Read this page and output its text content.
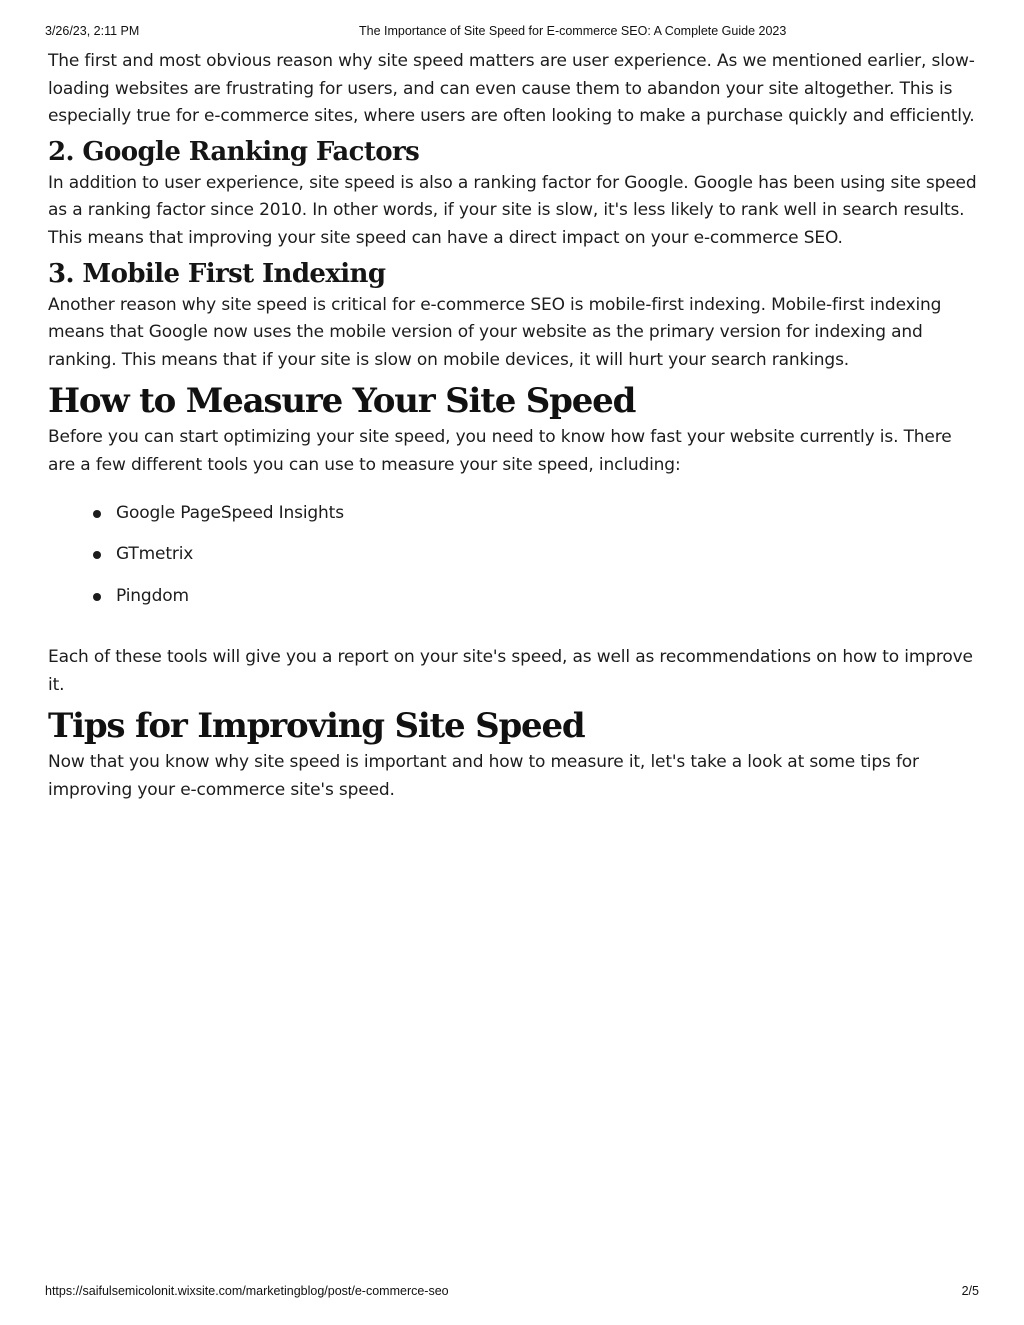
3/26/23, 2:11 PM	The Importance of Site Speed for E-commerce SEO: A Complete Guide 2023

The first and most obvious reason why site speed matters are user experience. As we mentioned earlier, slow-loading websites are frustrating for users, and can even cause them to abandon your site altogether. This is especially true for e-commerce sites, where users are often looking to make a purchase quickly and efficiently.

2. Google Ranking Factors

In addition to user experience, site speed is also a ranking factor for Google. Google has been using site speed as a ranking factor since 2010. In other words, if your site is slow, it's less likely to rank well in search results. This means that improving your site speed can have a direct impact on your e-commerce SEO.

3. Mobile First Indexing

Another reason why site speed is critical for e-commerce SEO is mobile-first indexing. Mobile-first indexing means that Google now uses the mobile version of your website as the primary version for indexing and ranking. This means that if your site is slow on mobile devices, it will hurt your search rankings.

How to Measure Your Site Speed

Before you can start optimizing your site speed, you need to know how fast your website currently is. There are a few different tools you can use to measure your site speed, including:

Google PageSpeed Insights
GTmetrix
Pingdom

Each of these tools will give you a report on your site's speed, as well as recommendations on how to improve it.

Tips for Improving Site Speed

Now that you know why site speed is important and how to measure it, let's take a look at some tips for improving your e-commerce site's speed.

https://saifulsemicolonit.wixsite.com/marketingblog/post/e-commerce-seo	2/5
